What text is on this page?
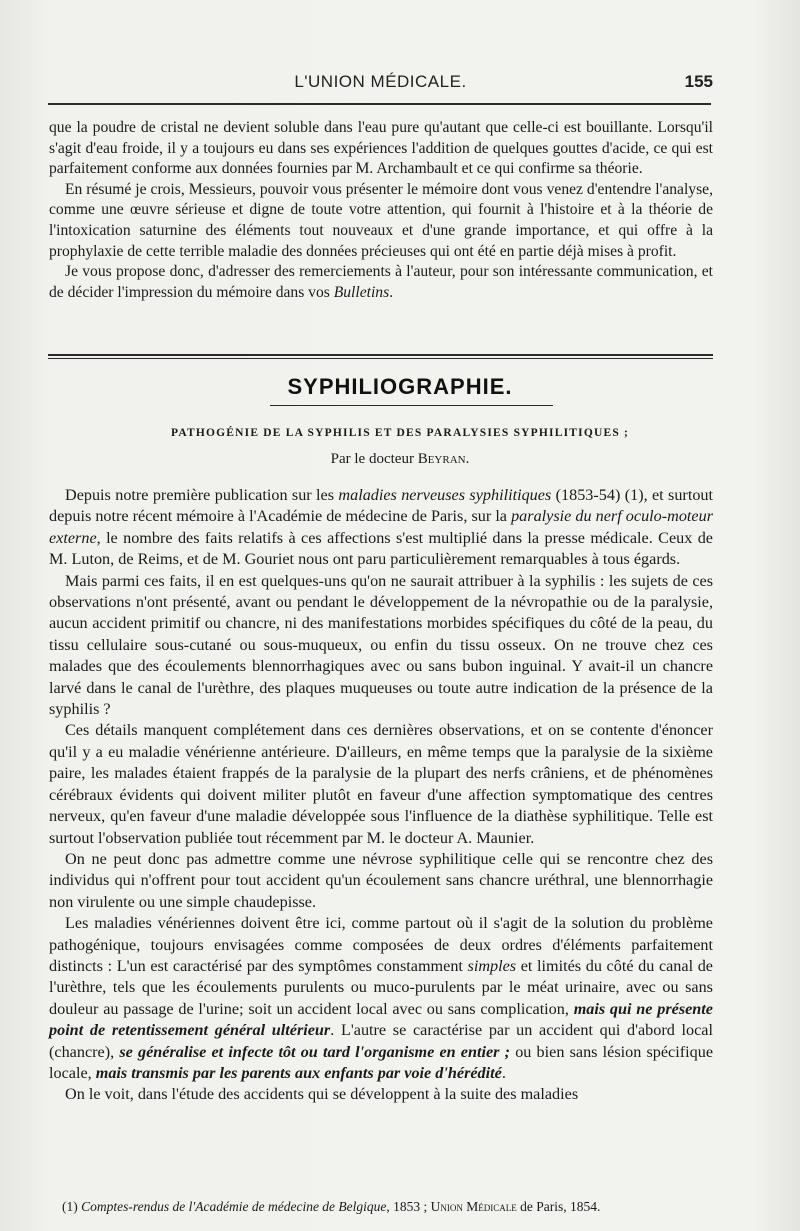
L'UNION MÉDICALE.	155

que la poudre de cristal ne devient soluble dans l'eau pure qu'autant que celle-ci est bouillante. Lorsqu'il s'agit d'eau froide, il y a toujours eu dans ses expériences l'addition de quelques gouttes d'acide, ce qui est parfaitement conforme aux données fournies par M. Archambault et ce qui confirme sa théorie.

En résumé je crois, Messieurs, pouvoir vous présenter le mémoire dont vous venez d'entendre l'analyse, comme une œuvre sérieuse et digne de toute votre attention, qui fournit à l'histoire et à la théorie de l'intoxication saturnine des éléments tout nouveaux et d'une grande importance, et qui offre à la prophylaxie de cette terrible maladie des données précieuses qui ont été en partie déjà mises à profit.

Je vous propose donc, d'adresser des remerciements à l'auteur, pour son intéressante communication, et de décider l'impression du mémoire dans vos Bulletins.

SYPHILIOGRAPHIE.
PATHOGÉNIE DE LA SYPHILIS ET DES PARALYSIES SYPHILITIQUES ;
Par le docteur Beyran.

Depuis notre première publication sur les maladies nerveuses syphilitiques (1853-54) (1), et surtout depuis notre récent mémoire à l'Académie de médecine de Paris, sur la paralysie du nerf oculo-moteur externe, le nombre des faits relatifs à ces affections s'est multiplié dans la presse médicale. Ceux de M. Luton, de Reims, et de M. Gouriet nous ont paru particulièrement remarquables à tous égards.

Mais parmi ces faits, il en est quelques-uns qu'on ne saurait attribuer à la syphilis : les sujets de ces observations n'ont présenté, avant ou pendant le développement de la névropathie ou de la paralysie, aucun accident primitif ou chancre, ni des manifestations morbides spécifiques du côté de la peau, du tissu cellulaire sous-cutané ou sous-muqueux, ou enfin du tissu osseux. On ne trouve chez ces malades que des écoulements blennorrhagiques avec ou sans bubon inguinal. Y avait-il un chancre larvé dans le canal de l'urèthre, des plaques muqueuses ou toute autre indication de la présence de la syphilis ?

Ces détails manquent complétement dans ces dernières observations, et on se contente d'énoncer qu'il y a eu maladie vénérienne antérieure. D'ailleurs, en même temps que la paralysie de la sixième paire, les malades étaient frappés de la paralysie de la plupart des nerfs crâniens, et de phénomènes cérébraux évidents qui doivent militer plutôt en faveur d'une affection symptomatique des centres nerveux, qu'en faveur d'une maladie développée sous l'influence de la diathèse syphilitique. Telle est surtout l'observation publiée tout récemment par M. le docteur A. Maunier.

On ne peut donc pas admettre comme une névrose syphilitique celle qui se rencontre chez des individus qui n'offrent pour tout accident qu'un écoulement sans chancre uréthral, une blennorrhagie non virulente ou une simple chaudepisse.

Les maladies vénériennes doivent être ici, comme partout où il s'agit de la solution du problème pathogénique, toujours envisagées comme composées de deux ordres d'éléments parfaitement distincts : L'un est caractérisé par des symptômes constamment simples et limités du côté du canal de l'urèthre, tels que les écoulements purulents ou muco-purulents par le méat urinaire, avec ou sans douleur au passage de l'urine; soit un accident local avec ou sans complication, mais qui ne présente point de retentissement général ultérieur. L'autre se caractérise par un accident qui d'abord local (chancre), se généralise et infecte tôt ou tard l'organisme en entier ; ou bien sans lésion spécifique locale, mais transmis par les parents aux enfants par voie d'hérédité.

On le voit, dans l'étude des accidents qui se développent à la suite des maladies

(1) Comptes-rendus de l'Académie de médecine de Belgique, 1853 ; Union Médicale de Paris, 1854.
